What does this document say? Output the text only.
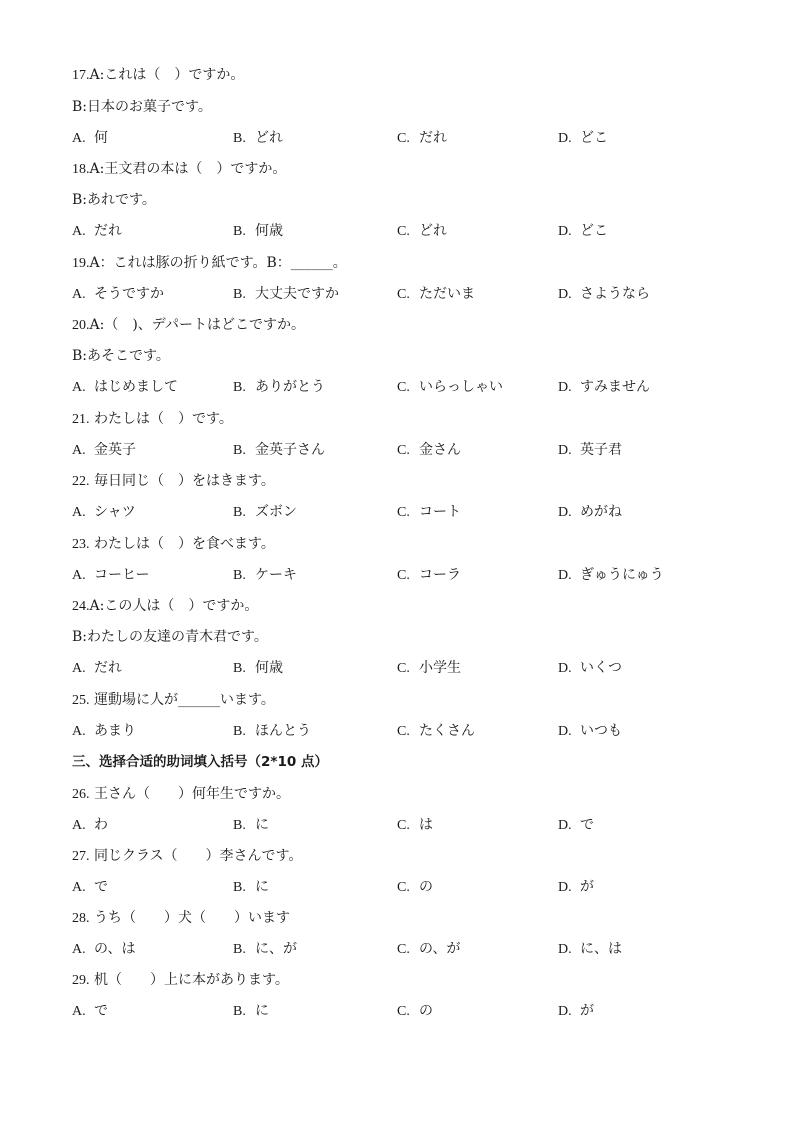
17.A:これは（　）ですか。
B:日本のお菓子です。
A. 何	B. どれ	C. だれ	D. どこ
18.A:王文君の本は（　）ですか。
B:あれです。
A. だれ	B. 何歳	C. どれ	D. どこ
19.A：これは豚の折り紙です。B：______。
A. そうですか	B. 大丈夫ですか	C. ただいま	D. さようなら
20.A:（　)、デパートはどこですか。
B:あそこです。
A. はじめまして	B. ありがとう	C. いらっしゃい	D. すみません
21. わたしは（　）です。
A. 金英子	B. 金英子さん	C. 金さん	D. 英子君
22. 毎日同じ（　）をはきます。
A. シャツ	B. ズボン	C. コート	D. めがね
23. わたしは（　）を食べます。
A. コーヒー	B. ケーキ	C. コーラ	D. ぎゅうにゅう
24.A:この人は（　）ですか。
B:わたしの友達の青木君です。
A. だれ	B. 何歳	C. 小学生	D. いくつ
25. 運動場に人が______います。
A. あまり	B. ほんとう	C. たくさん	D. いつも
三、选择合适的助词填入括号（2*10 点）
26. 王さん（　　）何年生ですか。
A. わ	B. に	C. は	D. で
27. 同じクラス（　　）李さんです。
A. で	B. に	C. の	D. が
28. うち（　　）犬（　　）います
A. の、は	B. に、が	C. の、が	D. に、は
29. 机（　　）上に本があります。
A. で	B. に	C. の	D. が
